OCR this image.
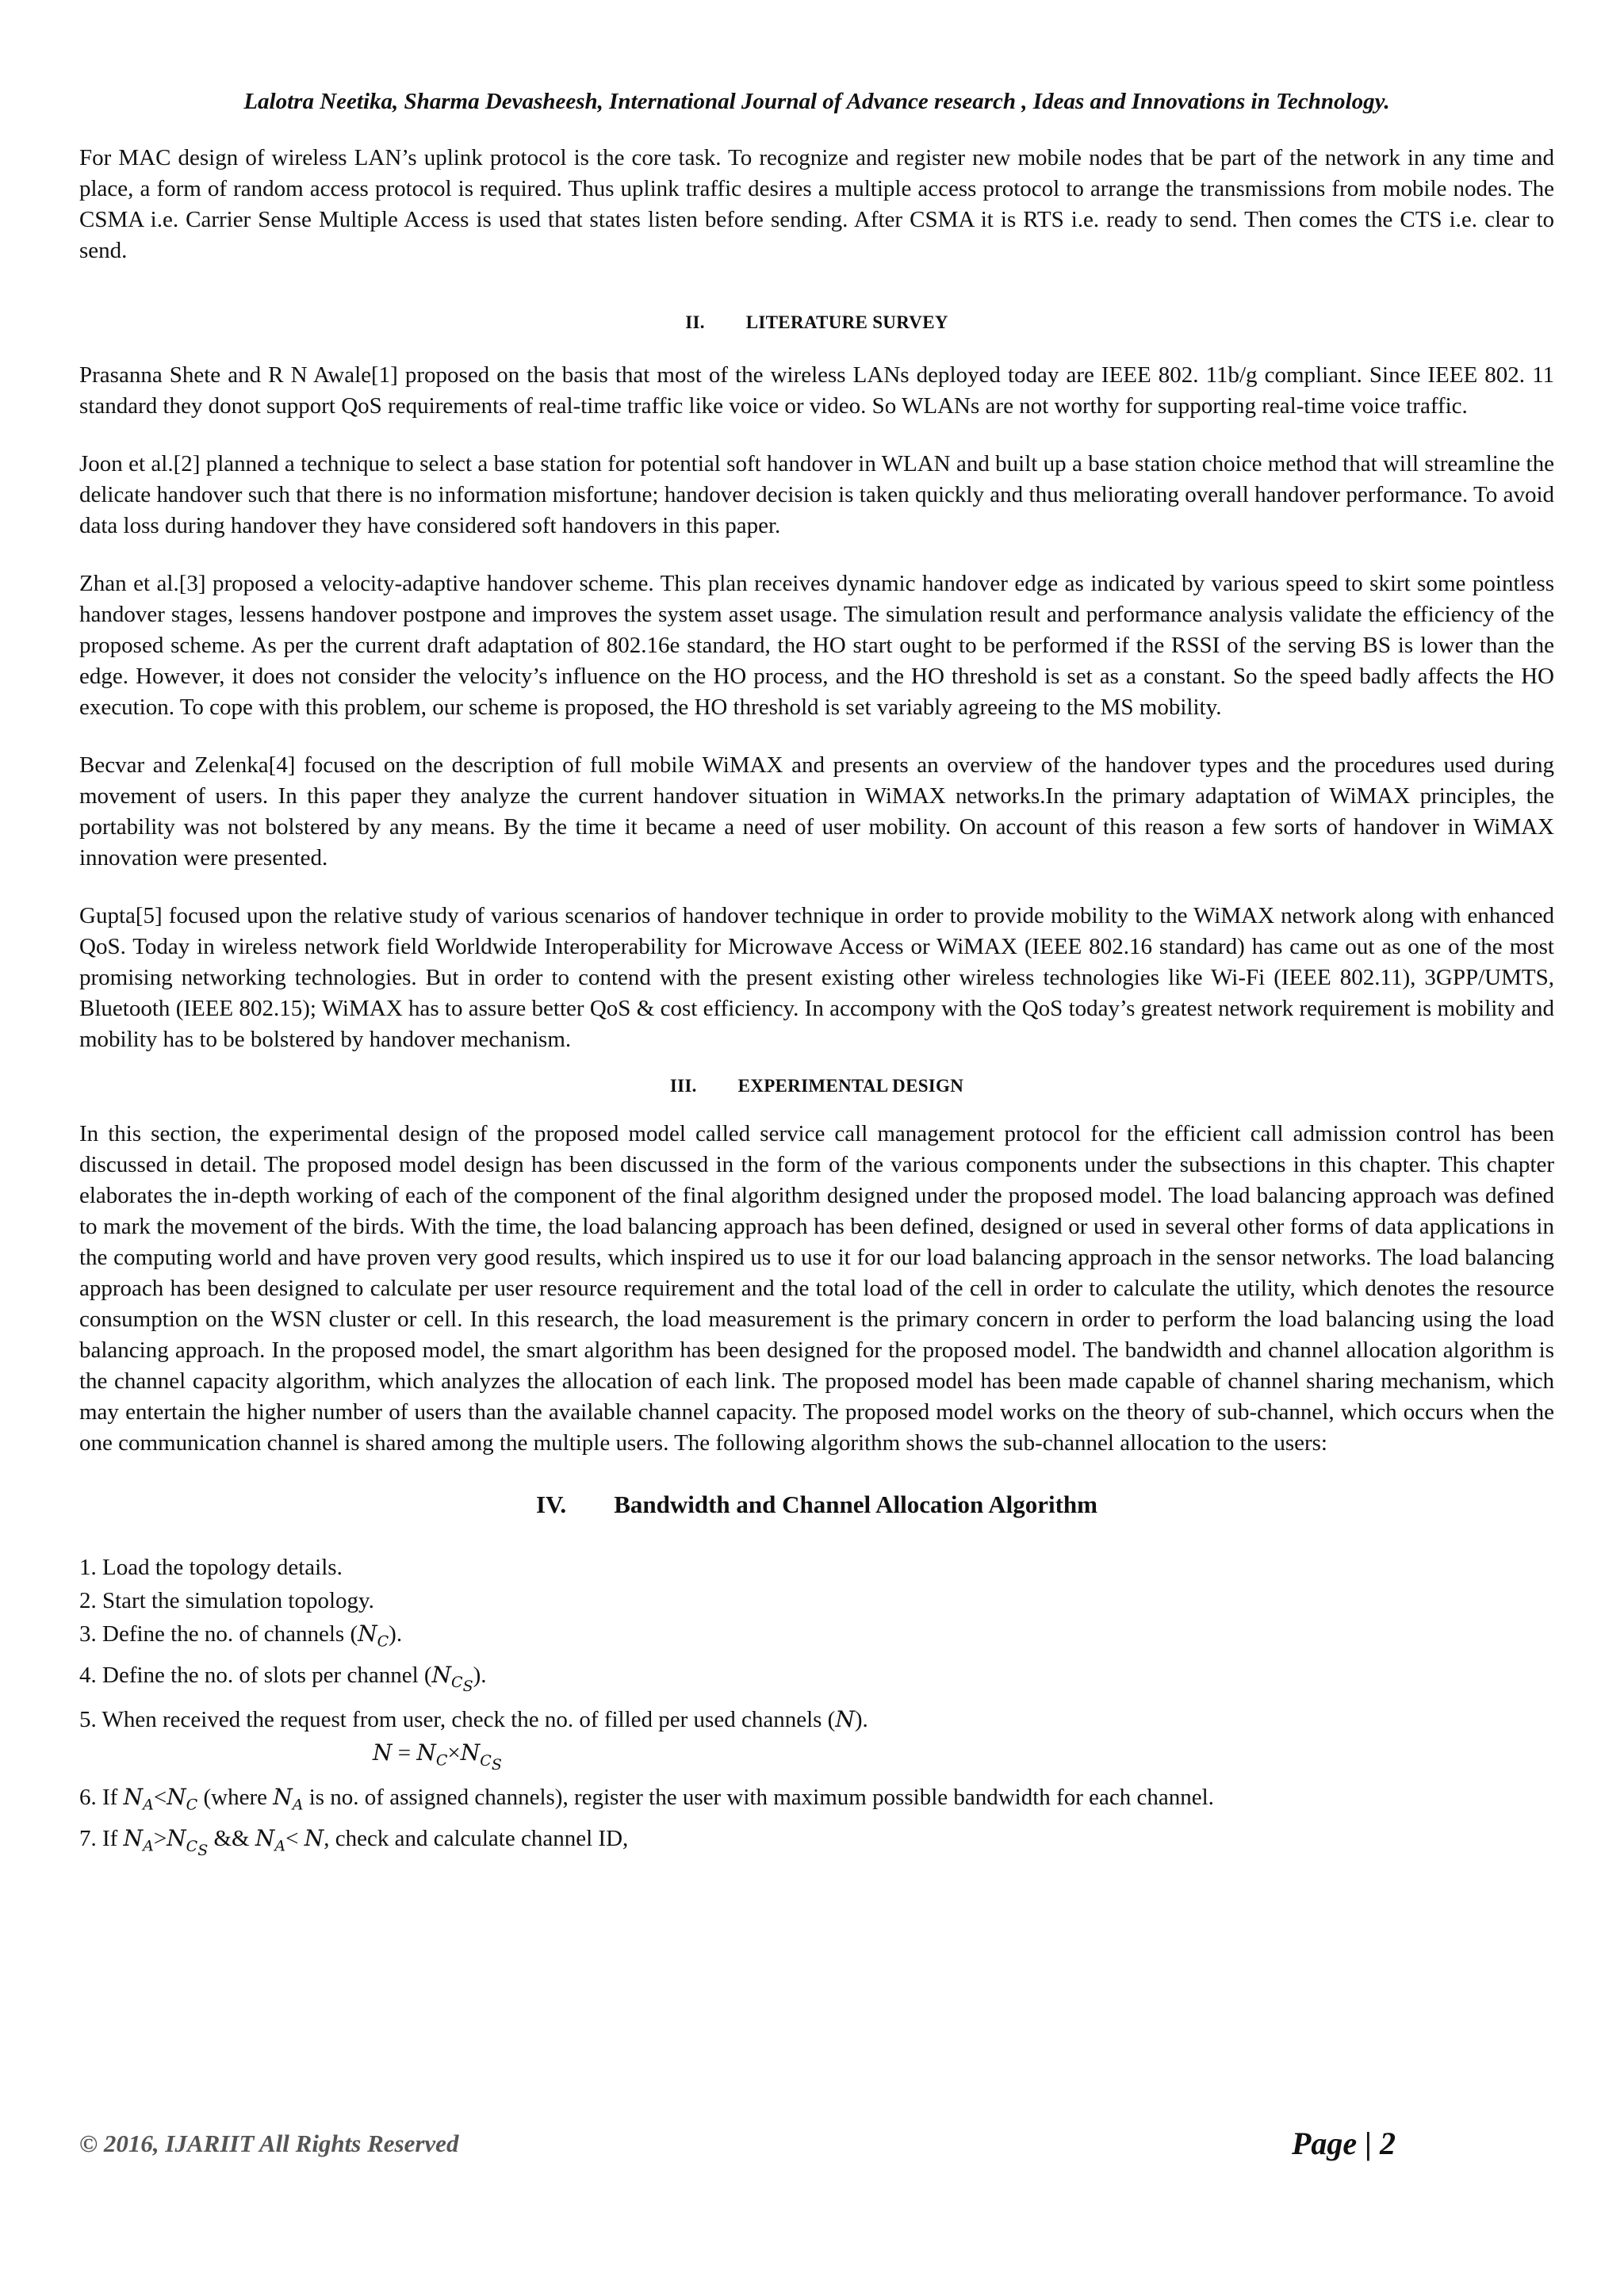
Lalotra Neetika, Sharma Devasheesh, International Journal of Advance research , Ideas and Innovations in Technology.

For MAC design of wireless LAN’s uplink protocol is the core task. To recognize and register new mobile nodes that be part of the network in any time and place, a form of random access protocol is required. Thus uplink traffic desires a multiple access protocol to arrange the transmissions from mobile nodes. The CSMA i.e. Carrier Sense Multiple Access is used that states listen before sending. After CSMA it is RTS i.e. ready to send. Then comes the CTS i.e. clear to send.

II. LITERATURE SURVEY

Prasanna Shete and R N Awale[1] proposed on the basis that most of the wireless LANs deployed today are IEEE 802. 11b/g compliant. Since IEEE 802. 11 standard they donot support QoS requirements of real-time traffic like voice or video. So WLANs are not worthy for supporting real-time voice traffic.

Joon et al.[2] planned a technique to select a base station for potential soft handover in WLAN and built up a base station choice method that will streamline the delicate handover such that there is no information misfortune; handover decision is taken quickly and thus meliorating overall handover performance. To avoid data loss during handover they have considered soft handovers in this paper.

Zhan et al.[3] proposed a velocity-adaptive handover scheme. This plan receives dynamic handover edge as indicated by various speed to skirt some pointless handover stages, lessens handover postpone and improves the system asset usage. The simulation result and performance analysis validate the efficiency of the proposed scheme. As per the current draft adaptation of 802.16e standard, the HO start ought to be performed if the RSSI of the serving BS is lower than the edge. However, it does not consider the velocity’s influence on the HO process, and the HO threshold is set as a constant. So the speed badly affects the HO execution. To cope with this problem, our scheme is proposed, the HO threshold is set variably agreeing to the MS mobility.

Becvar and Zelenka[4] focused on the description of full mobile WiMAX and presents an overview of the handover types and the procedures used during movement of users. In this paper they analyze the current handover situation in WiMAX networks.In the primary adaptation of WiMAX principles, the portability was not bolstered by any means. By the time it became a need of user mobility. On account of this reason a few sorts of handover in WiMAX innovation were presented.

Gupta[5] focused upon the relative study of various scenarios of handover technique in order to provide mobility to the WiMAX network along with enhanced QoS. Today in wireless network field Worldwide Interoperability for Microwave Access or WiMAX (IEEE 802.16 standard) has came out as one of the most promising networking technologies. But in order to contend with the present existing other wireless technologies like Wi-Fi (IEEE 802.11), 3GPP/UMTS, Bluetooth (IEEE 802.15); WiMAX has to assure better QoS & cost efficiency. In accompony with the QoS today’s greatest network requirement is mobility and mobility has to be bolstered by handover mechanism.

III. EXPERIMENTAL DESIGN

In this section, the experimental design of the proposed model called service call management protocol for the efficient call admission control has been discussed in detail. The proposed model design has been discussed in the form of the various components under the subsections in this chapter. This chapter elaborates the in-depth working of each of the component of the final algorithm designed under the proposed model. The load balancing approach was defined to mark the movement of the birds. With the time, the load balancing approach has been defined, designed or used in several other forms of data applications in the computing world and have proven very good results, which inspired us to use it for our load balancing approach in the sensor networks. The load balancing approach has been designed to calculate per user resource requirement and the total load of the cell in order to calculate the utility, which denotes the resource consumption on the WSN cluster or cell. In this research, the load measurement is the primary concern in order to perform the load balancing using the load balancing approach. In the proposed model, the smart algorithm has been designed for the proposed model. The bandwidth and channel allocation algorithm is the channel capacity algorithm, which analyzes the allocation of each link. The proposed model has been made capable of channel sharing mechanism, which may entertain the higher number of users than the available channel capacity. The proposed model works on the theory of sub-channel, which occurs when the one communication channel is shared among the multiple users. The following algorithm shows the sub-channel allocation to the users:

IV. Bandwidth and Channel Allocation Algorithm

1. Load the topology details.

2. Start the simulation topology.

3. Define the no. of channels $(N_C)$.

4. Define the no. of slots per channel $(N_{C_S})$.

5. When received the request from user, check the no. of filled per used channels (N).

$N = N_C\times N_{C_S}$

6. If $N_A<N_C$ (where $N_A$ is no. of assigned channels), register the user with maximum possible bandwidth for each channel.

7. If $N_A>N_{C_S}$ && $N_A< N$, check and calculate channel ID,

© 2016, IJARIIT All Rights Reserved	Page | 2
